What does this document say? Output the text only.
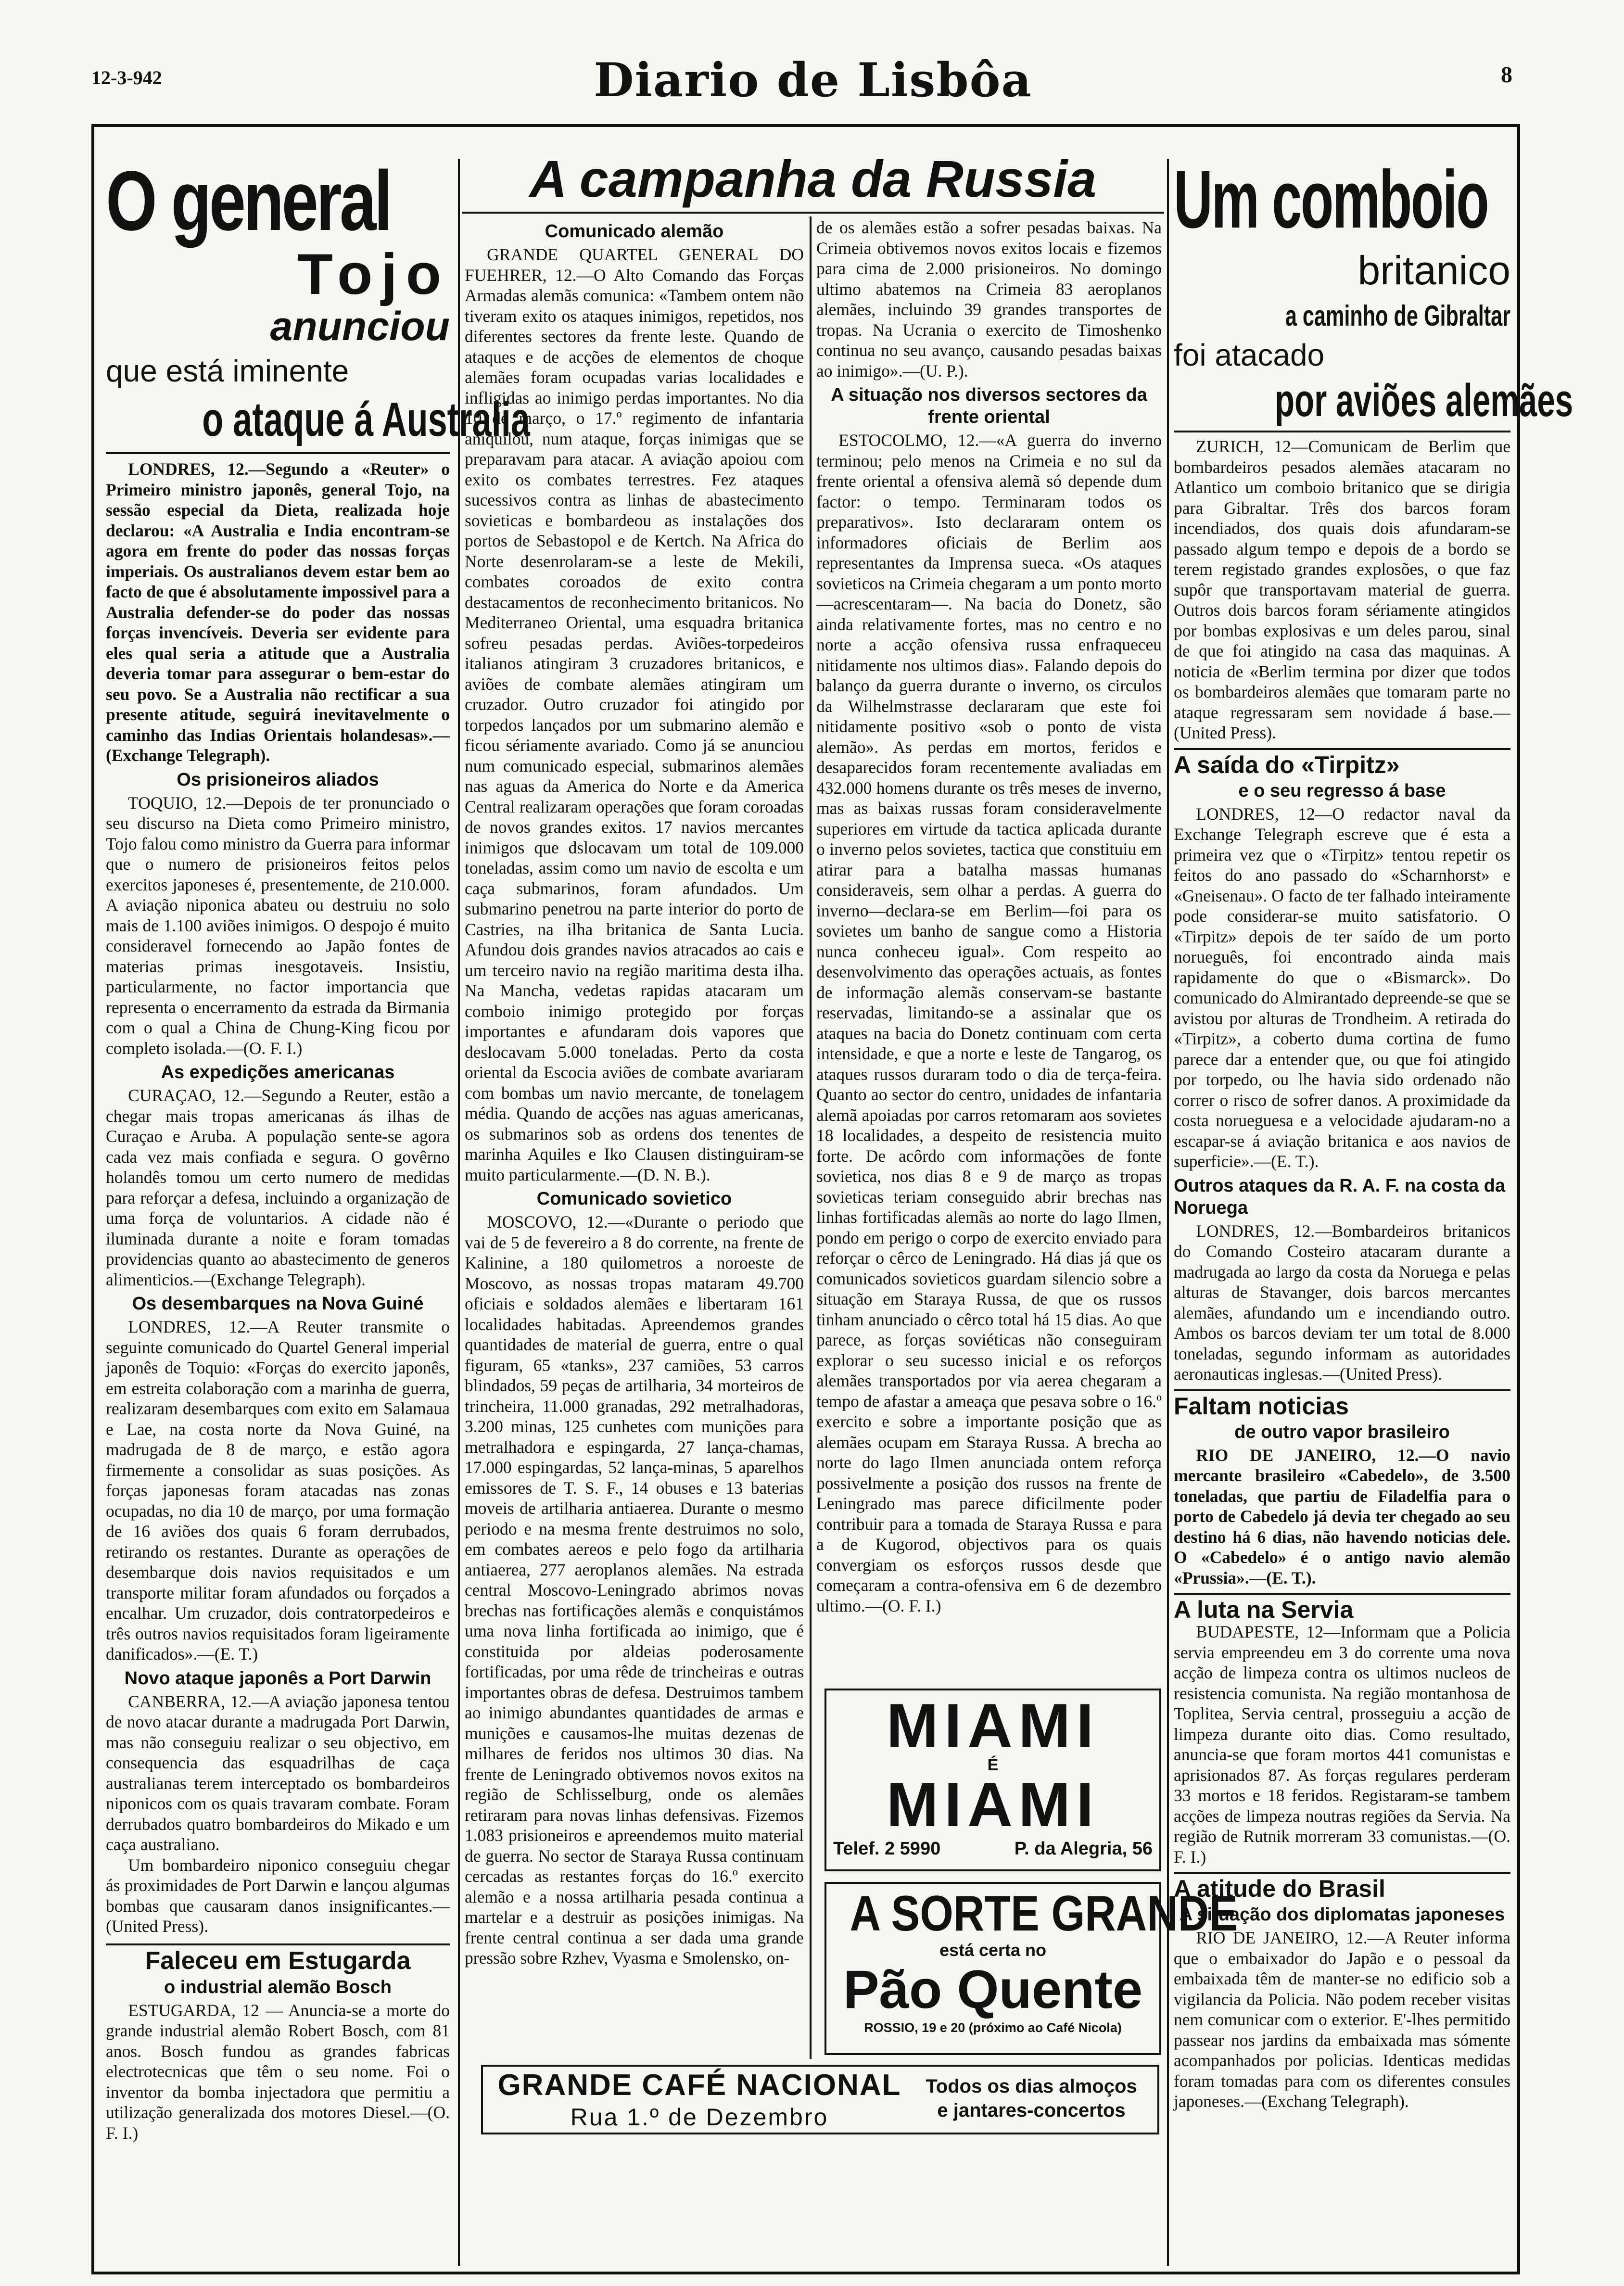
12-3-942	Diario de Lisbôa	8
O general
Tojo
anunciou
que está iminente
o ataque á Australia

LONDRES, 12.—Segundo a «Reuter» o Primeiro ministro japonês, general Tojo, na sessão especial da Dieta, realizada hoje declarou: «A Australia e India encontram-se agora em frente do poder das nossas forças imperiais. Os australianos devem estar bem ao facto de que é absolutamente impossivel para a Australia defender-se do poder das nossas forças invencíveis. Deveria ser evidente para eles qual seria a atitude que a Australia deveria tomar para assegurar o bem-estar do seu povo. Se a Australia não rectificar a sua presente atitude, seguirá inevitavelmente o caminho das Indias Orientais holandesas».—(Exchange Telegraph).

Os prisioneiros aliados

TOQUIO, 12.—Depois de ter pronunciado o seu discurso na Dieta como Primeiro ministro, Tojo falou como ministro da Guerra para informar que o numero de prisioneiros feitos pelos exercitos japoneses é, presentemente, de 210.000. A aviação niponica abateu ou destruiu no solo mais de 1.100 aviões inimigos. O despojo é muito consideravel fornecendo ao Japão fontes de materias primas inesgotaveis. Insistiu, particularmente, no factor importancia que representa o encerramento da estrada da Birmania com o qual a China de Chung-King ficou por completo isolada.—(O. F. I.)

As expedições americanas

CURAÇAO, 12.—Segundo a Reuter, estão a chegar mais tropas americanas ás ilhas de Curaçao e Aruba. A população sente-se agora cada vez mais confiada e segura. O govêrno holandês tomou um certo numero de medidas para reforçar a defesa, incluindo a organização de uma força de voluntarios. A cidade não é iluminada durante a noite e foram tomadas providencias quanto ao abastecimento de generos alimenticios.—(Exchange Telegraph).

Os desembarques na Nova Guiné

LONDRES, 12.—A Reuter transmite o seguinte comunicado do Quartel General imperial japonês de Toquio: «Forças do exercito japonês, em estreita colaboração com a marinha de guerra, realizaram desembarques com exito em Salamaua e Lae, na costa norte da Nova Guiné, na madrugada de 8 de março, e estão agora firmemente a consolidar as suas posições. As forças japonesas foram atacadas nas zonas ocupadas, no dia 10 de março, por uma formação de 16 aviões dos quais 6 foram derrubados, retirando os restantes. Durante as operações de desembarque dois navios requisitados e um transporte militar foram afundados ou forçados a encalhar. Um cruzador, dois contratorpedeiros e três outros navios requisitados foram ligeiramente danificados».—(E. T.)

Novo ataque japonês a Port Darwin

CANBERRA, 12.—A aviação japonesa tentou de novo atacar durante a madrugada Port Darwin, mas não conseguiu realizar o seu objectivo, em consequencia das esquadrilhas de caça australianas terem interceptado os bombardeiros niponicos com os quais travaram combate. Foram derrubados quatro bombardeiros do Mikado e um caça australiano.

Um bombardeiro niponico conseguiu chegar ás proximidades de Port Darwin e lançou algumas bombas que causaram danos insignificantes.—(United Press).

Faleceu em Estugarda
o industrial alemão Bosch

ESTUGARDA, 12 — Anuncia-se a morte do grande industrial alemão Robert Bosch, com 81 anos. Bosch fundou as grandes fabricas electrotecnicas que têm o seu nome. Foi o inventor da bomba injectadora que permitiu a utilização generalizada dos motores Diesel.—(O. F. I.)

A campanha da Russia
Comunicado alemão

GRANDE QUARTEL GENERAL DO FUEHRER, 12.—O Alto Comando das Forças Armadas alemãs comunica: «Tambem ontem não tiveram exito os ataques inimigos, repetidos, nos diferentes sectores da frente leste. Quando de ataques e de acções de elementos de choque alemães foram ocupadas varias localidades e infligidas ao inimigo perdas importantes. No dia 10 de março, o 17.º regimento de infantaria aniquilou, num ataque, forças inimigas que se preparavam para atacar. A aviação apoiou com exito os combates terrestres. Fez ataques sucessivos contra as linhas de abastecimento sovieticas e bombardeou as instalações dos portos de Sebastopol e de Kertch. Na Africa do Norte desenrolaram-se a leste de Mekili, combates coroados de exito contra destacamentos de reconhecimento britanicos. No Mediterraneo Oriental, uma esquadra britanica sofreu pesadas perdas. Aviões-torpedeiros italianos atingiram 3 cruzadores britanicos, e aviões de combate alemães atingiram um cruzador. Outro cruzador foi atingido por torpedos lançados por um submarino alemão e ficou sériamente avariado. Como já se anunciou num comunicado especial, submarinos alemães nas aguas da America do Norte e da America Central realizaram operações que foram coroadas de novos grandes exitos. 17 navios mercantes inimigos que dslocavam um total de 109.000 toneladas, assim como um navio de escolta e um caça submarinos, foram afundados. Um submarino penetrou na parte interior do porto de Castries, na ilha britanica de Santa Lucia. Afundou dois grandes navios atracados ao cais e um terceiro navio na região maritima desta ilha. Na Mancha, vedetas rapidas atacaram um comboio inimigo protegido por forças importantes e afundaram dois vapores que deslocavam 5.000 toneladas. Perto da costa oriental da Escocia aviões de combate avariaram com bombas um navio mercante, de tonelagem média. Quando de acções nas aguas americanas, os submarinos sob as ordens dos tenentes de marinha Aquiles e Iko Clausen distinguiram-se muito particularmente.—(D. N. B.).

Comunicado sovietico

MOSCOVO, 12.—«Durante o periodo que vai de 5 de fevereiro a 8 do corrente, na frente de Kalinine, a 180 quilometros a noroeste de Moscovo, as nossas tropas mataram 49.700 oficiais e soldados alemães e libertaram 161 localidades habitadas. Apreendemos grandes quantidades de material de guerra, entre o qual figuram, 65 «tanks», 237 camiões, 53 carros blindados, 59 peças de artilharia, 34 morteiros de trincheira, 11.000 granadas, 292 metralhadoras, 3.200 minas, 125 cunhetes com munições para metralhadora e espingarda, 27 lança-chamas, 17.000 espingardas, 52 lança-minas, 5 aparelhos emissores de T. S. F., 14 obuses e 13 baterias moveis de artilharia antiaerea. Durante o mesmo periodo e na mesma frente destruimos no solo, em combates aereos e pelo fogo da artilharia antiaerea, 277 aeroplanos alemães. Na estrada central Moscovo-Leningrado abrimos novas brechas nas fortificações alemãs e conquistámos uma nova linha fortificada ao inimigo, que é constituida por aldeias poderosamente fortificadas, por uma rêde de trincheiras e outras importantes obras de defesa. Destruimos tambem ao inimigo abundantes quantidades de armas e munições e causamos-lhe muitas dezenas de milhares de feridos nos ultimos 30 dias. Na frente de Leningrado obtivemos novos exitos na região de Schlisselburg, onde os alemães retiraram para novas linhas defensivas. Fizemos 1.083 prisioneiros e apreendemos muito material de guerra. No sector de Staraya Russa continuam cercadas as restantes forças do 16.º exercito alemão e a nossa artilharia pesada continua a martelar e a destruir as posições inimigas. Na frente central continua a ser dada uma grande pressão sobre Rzhev, Vyasma e Smolensko, on-

de os alemães estão a sofrer pesadas baixas. Na Crimeia obtivemos novos exitos locais e fizemos para cima de 2.000 prisioneiros. No domingo ultimo abatemos na Crimeia 83 aeroplanos alemães, incluindo 39 grandes transportes de tropas. Na Ucrania o exercito de Timoshenko continua no seu avanço, causando pesadas baixas ao inimigo».—(U. P.).

A situação nos diversos sectores da frente oriental

ESTOCOLMO, 12.—«A guerra do inverno terminou; pelo menos na Crimeia e no sul da frente oriental a ofensiva alemã só depende dum factor: o tempo. Terminaram todos os preparativos». Isto declararam ontem os informadores oficiais de Berlim aos representantes da Imprensa sueca. «Os ataques sovieticos na Crimeia chegaram a um ponto morto—acrescentaram—. Na bacia do Donetz, são ainda relativamente fortes, mas no centro e no norte a acção ofensiva russa enfraqueceu nitidamente nos ultimos dias». Falando depois do balanço da guerra durante o inverno, os circulos da Wilhelmstrasse declararam que este foi nitidamente positivo «sob o ponto de vista alemão». As perdas em mortos, feridos e desaparecidos foram recentemente avaliadas em 432.000 homens durante os três meses de inverno, mas as baixas russas foram consideravelmente superiores em virtude da tactica aplicada durante o inverno pelos sovietes, tactica que constituiu em atirar para a batalha massas humanas consideraveis, sem olhar a perdas. A guerra do inverno—declara-se em Berlim—foi para os sovietes um banho de sangue como a Historia nunca conheceu igual». Com respeito ao desenvolvimento das operações actuais, as fontes de informação alemãs conservam-se bastante reservadas, limitando-se a assinalar que os ataques na bacia do Donetz continuam com certa intensidade, e que a norte e leste de Tangarog, os ataques russos duraram todo o dia de terça-feira. Quanto ao sector do centro, unidades de infantaria alemã apoiadas por carros retomaram aos sovietes 18 localidades, a despeito de resistencia muito forte. De acôrdo com informações de fonte sovietica, nos dias 8 e 9 de março as tropas sovieticas teriam conseguido abrir brechas nas linhas fortificadas alemãs ao norte do lago Ilmen, pondo em perigo o corpo de exercito enviado para reforçar o cêrco de Leningrado. Há dias já que os comunicados sovieticos guardam silencio sobre a situação em Staraya Russa, de que os russos tinham anunciado o cêrco total há 15 dias. Ao que parece, as forças soviéticas não conseguiram explorar o seu sucesso inicial e os reforços alemães transportados por via aerea chegaram a tempo de afastar a ameaça que pesava sobre o 16.º exercito e sobre a importante posição que as alemães ocupam em Staraya Russa. A brecha ao norte do lago Ilmen anunciada ontem reforça possivelmente a posição dos russos na frente de Leningrado mas parece dificilmente poder contribuir para a tomada de Staraya Russa e para a de Kugorod, objectivos para os quais convergiam os esforços russos desde que começaram a contra-ofensiva em 6 de dezembro ultimo.—(O. F. I.)

MIAMI
É
MIAMI
Telef. 2 5990	P. da Alegria, 56
A SORTE GRANDE
está certa no
Pão Quente
ROSSIO, 19 e 20 (próximo ao Café Nicola)
GRANDE CAFÉ NACIONAL
Rua 1.º de Dezembro
Todos os dias almoços
e jantares-concertos
Um comboio
britanico
a caminho de Gibraltar
foi atacado
por aviões alemães

ZURICH, 12—Comunicam de Berlim que bombardeiros pesados alemães atacaram no Atlantico um comboio britanico que se dirigia para Gibraltar. Três dos barcos foram incendiados, dos quais dois afundaram-se passado algum tempo e depois de a bordo se terem registado grandes explosões, o que faz supôr que transportavam material de guerra. Outros dois barcos foram sériamente atingidos por bombas explosivas e um deles parou, sinal de que foi atingido na casa das maquinas. A noticia de «Berlim termina por dizer que todos os bombardeiros alemães que tomaram parte no ataque regressaram sem novidade á base.—(United Press).

A saída do «Tirpitz»
e o seu regresso á base

LONDRES, 12—O redactor naval da Exchange Telegraph escreve que é esta a primeira vez que o «Tirpitz» tentou repetir os feitos do ano passado do «Scharnhorst» e «Gneisenau». O facto de ter falhado inteiramente pode considerar-se muito satisfatorio. O «Tirpitz» depois de ter saído de um porto norueguês, foi encontrado ainda mais rapidamente do que o «Bismarck». Do comunicado do Almirantado depreende-se que se avistou por alturas de Trondheim. A retirada do «Tirpitz», a coberto duma cortina de fumo parece dar a entender que, ou que foi atingido por torpedo, ou lhe havia sido ordenado não correr o risco de sofrer danos. A proximidade da costa norueguesa e a velocidade ajudaram-no a escapar-se á aviação britanica e aos navios de superficie».—(E. T.).

Outros ataques da R. A. F. na costa da Noruega

LONDRES, 12.—Bombardeiros britanicos do Comando Costeiro atacaram durante a madrugada ao largo da costa da Noruega e pelas alturas de Stavanger, dois barcos mercantes alemães, afundando um e incendiando outro. Ambos os barcos deviam ter um total de 8.000 toneladas, segundo informam as autoridades aeronauticas inglesas.—(United Press).

Faltam noticias
de outro vapor brasileiro

RIO DE JANEIRO, 12.—O navio mercante brasileiro «Cabedelo», de 3.500 toneladas, que partiu de Filadelfia para o porto de Cabedelo já devia ter chegado ao seu destino há 6 dias, não havendo noticias dele. O «Cabedelo» é o antigo navio alemão «Prussia».—(E. T.).

A luta na Servia

BUDAPESTE, 12—Informam que a Policia servia empreendeu em 3 do corrente uma nova acção de limpeza contra os ultimos nucleos de resistencia comunista. Na região montanhosa de Toplitea, Servia central, prosseguiu a acção de limpeza durante oito dias. Como resultado, anuncia-se que foram mortos 441 comunistas e aprisionados 87. As forças regulares perderam 33 mortos e 18 feridos. Registaram-se tambem acções de limpeza noutras regiões da Servia. Na região de Rutnik morreram 33 comunistas.—(O. F. I.)

A atitude do Brasil
A situação dos diplomatas japoneses

RIO DE JANEIRO, 12.—A Reuter informa que o embaixador do Japão e o pessoal da embaixada têm de manter-se no edificio sob a vigilancia da Policia. Não podem receber visitas nem comunicar com o exterior. E'-lhes permitido passear nos jardins da embaixada mas sómente acompanhados por policias. Identicas medidas foram tomadas para com os diferentes consules japoneses.—(Exchang Telegraph).
